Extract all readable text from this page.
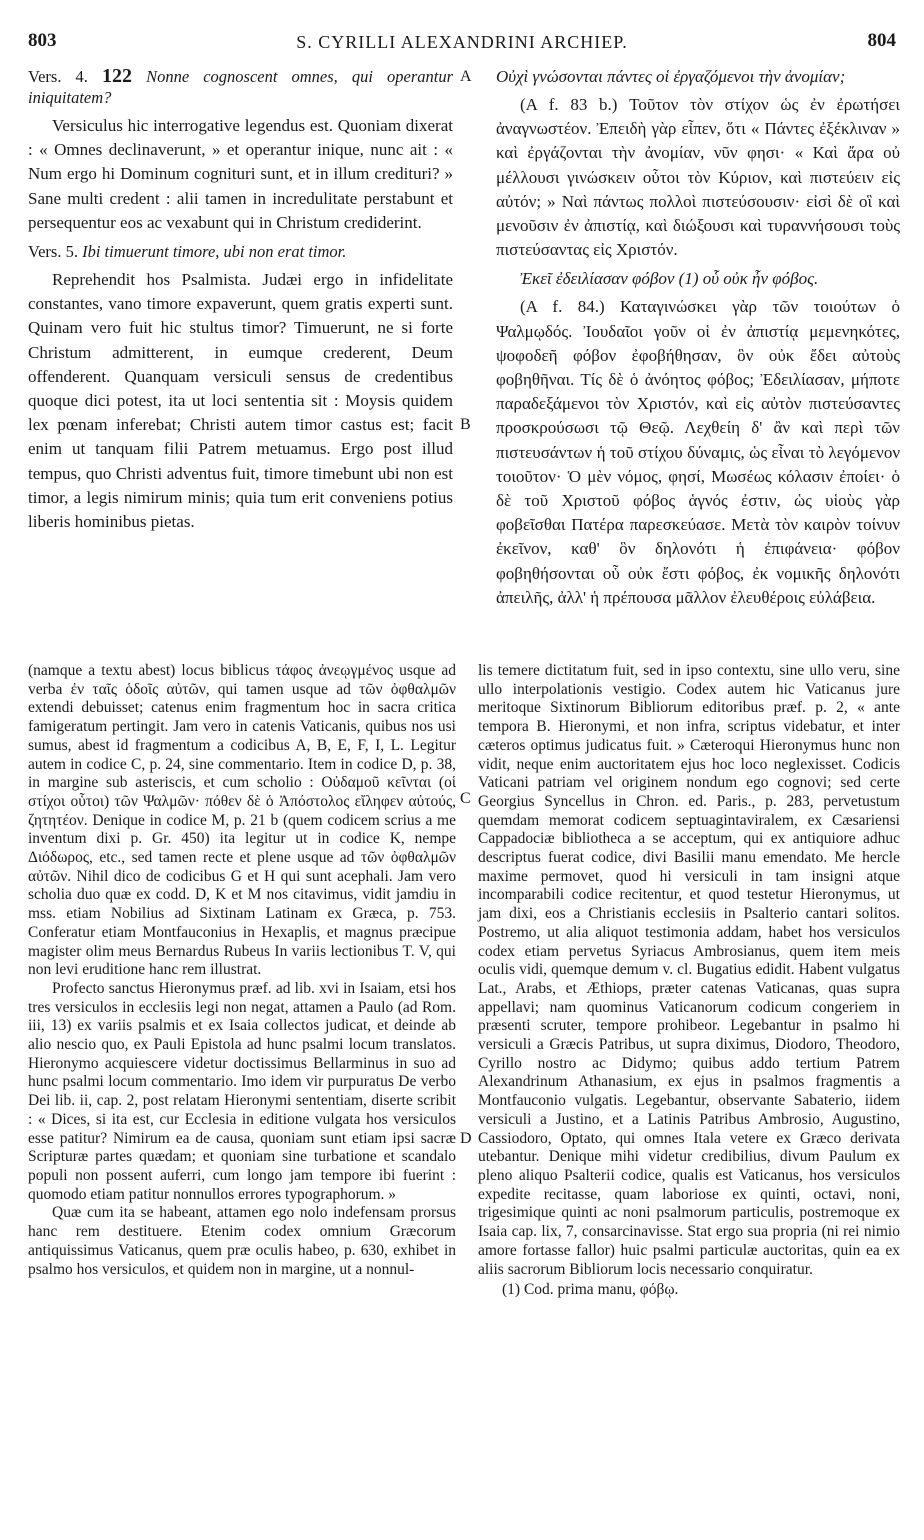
803	S. CYRILLI ALEXANDRINI ARCHIEP.	804

Vers. 4. 122 Nonne cognoscent omnes, qui operantur iniquitatem?

Versiculus hic interrogative legendus est. Quoniam dixerat : « Omnes declinaverunt, » et operantur inique, nunc ait : « Num ergo hi Dominum cognituri sunt, et in illum credituri? » Sane multi credent : alii tamen in incredulitate perstabunt et persequentur eos ac vexabunt qui in Christum crediderint.

Vers. 5. Ibi timuerunt timore, ubi non erat timor.

Reprehendit hos Psalmista. Judæi ergo in infidelitate constantes, vano timore expaverunt, quem gratis experti sunt. Quinam vero fuit hic stultus timor? Timuerunt, ne si forte Christum admitterent, in eumque crederent, Deum offenderent. Quanquam versiculi sensus de credentibus quoque dici potest, ita ut loci sententia sit : Moysis quidem lex pœnam inferebat; Christi autem timor castus est; facit enim ut tanquam filii Patrem metuamus. Ergo post illud tempus, quo Christi adventus fuit, timore timebunt ubi non est timor, a legis nimirum minis; quia tum erit conveniens potius liberis hominibus pietas.

Οὐχὶ γνώσονται πάντες οἱ ἐργαζόμενοι τὴν ἀνομίαν;

(A f. 83 b.) Τοῦτον τὸν στίχον ὡς ἐν ἐρωτήσει ἀναγνωστέον. Ἐπειδὴ γὰρ εἶπεν, ὅτι « Πάντες ἐξέκλιναν » καὶ ἐργάζονται τὴν ἀνομίαν, νῦν φησι· « Καὶ ἄρα οὐ μέλλουσι γινώσκειν οὗτοι τὸν Κύριον, καὶ πιστεύειν εἰς αὐτόν; » Ναὶ πάντως πολλοὶ πιστεύσουσιν· εἰσὶ δὲ οἳ καὶ μενοῦσιν ἐν ἀπιστίᾳ, καὶ διώξουσι καὶ τυραννήσουσι τοὺς πιστεύσαντας εἰς Χριστόν.

Ἐκεῖ ἐδειλίασαν φόβον (1) οὗ οὐκ ἦν φόβος.

(A f. 84.) Καταγινώσκει γὰρ τῶν τοιούτων ὁ Ψαλμῳδός. Ἰουδαῖοι γοῦν οἱ ἐν ἀπιστίᾳ μεμενηκότες, ψοφοδεῆ φόβον ἐφοβήθησαν, ὃν οὐκ ἔδει αὐτοὺς φοβηθῆναι. Τίς δὲ ὁ ἀνόητος φόβος; Ἐδειλίασαν, μήποτε παραδεξάμενοι τὸν Χριστόν, καὶ εἰς αὐτὸν πιστεύσαντες προσκρούσωσι τῷ Θεῷ. Λεχθείη δ' ἂν καὶ περὶ τῶν πιστευσάντων ἡ τοῦ στίχου δύναμις, ὡς εἶναι τὸ λεγόμενον τοιοῦτον· Ὁ μὲν νόμος, φησί, Μωσέως κόλασιν ἐποίει· ὁ δὲ τοῦ Χριστοῦ φόβος ἁγνός ἐστιν, ὡς υἱοὺς γὰρ φοβεῖσθαι Πατέρα παρεσκεύασε. Μετὰ τὸν καιρὸν τοίνυν ἐκεῖνον, καθ' ὃν δηλονότι ἡ ἐπιφάνεια· φόβον φοβηθήσονται οὗ οὐκ ἔστι φόβος, ἐκ νομικῆς δηλονότι ἀπειλῆς, ἀλλ' ἡ πρέπουσα μᾶλλον ἐλευθέροις εὐλάβεια.

A
B
C
D

(namque a textu abest) locus biblicus τάφος ἀνεῳγμένος usque ad verba ἐν ταῖς ὁδοῖς αὐτῶν, qui tamen usque ad τῶν ὀφθαλμῶν extendi debuisset; catenus enim fragmentum hoc in sacra critica famigeratum pertingit. Jam vero in catenis Vaticanis, quibus nos usi sumus, abest id fragmentum a codicibus A, B, E, F, I, L. Legitur autem in codice C, p. 24, sine commentario. Item in codice D, p. 38, in margine sub asteriscis, et cum scholio : Οὐδαμοῦ κεῖνται (οἱ στίχοι οὗτοι) τῶν Ψαλμῶν· πόθεν δὲ ὁ Ἀπόστολος εἴληφεν αὐτούς, ζητητέον. Denique in codice M, p. 21 b (quem codicem scrius a me inventum dixi p. Gr. 450) ita legitur ut in codice K, nempe Διόδωρος, etc., sed tamen recte et plene usque ad τῶν ὀφθαλμῶν αὐτῶν. Nihil dico de codicibus G et H qui sunt acephali. Jam vero scholia duo quæ ex codd. D, K et M nos citavimus, vidit jamdiu in mss. etiam Nobilius ad Sixtinam Latinam ex Græca, p. 753. Conferatur etiam Montfauconius in Hexaplis, et magnus præcipue magister olim meus Bernardus Rubeus In variis lectionibus T. V, qui non levi eruditione hanc rem illustrat.

Profecto sanctus Hieronymus præf. ad lib. xvi in Isaiam, etsi hos tres versiculos in ecclesiis legi non negat, attamen a Paulo (ad Rom. iii, 13) ex variis psalmis et ex Isaia collectos judicat, et deinde ab alio nescio quo, ex Pauli Epistola ad hunc psalmi locum translatos. Hieronymo acquiescere videtur doctissimus Bellarminus in suo ad hunc psalmi locum commentario. Imo idem vir purpuratus De verbo Dei lib. ii, cap. 2, post relatam Hieronymi sententiam, diserte scribit : « Dices, si ita est, cur Ecclesia in editione vulgata hos versiculos esse patitur? Nimirum ea de causa, quoniam sunt etiam ipsi sacræ Scripturæ partes quædam; et quoniam sine turbatione et scandalo populi non possent auferri, cum longo jam tempore ibi fuerint : quomodo etiam patitur nonnullos errores typographorum. »

Quæ cum ita se habeant, attamen ego nolo indefensam prorsus hanc rem destituere. Etenim codex omnium Græcorum antiquissimus Vaticanus, quem præ oculis habeo, p. 630, exhibet in psalmo hos versiculos, et quidem non in margine, ut a nonnul-

lis temere dictitatum fuit, sed in ipso contextu, sine ullo veru, sine ullo interpolationis vestigio. Codex autem hic Vaticanus jure meritoque Sixtinorum Bibliorum editoribus præf. p. 2, « ante tempora B. Hieronymi, et non infra, scriptus videbatur, et inter cæteros optimus judicatus fuit. » Cæteroqui Hieronymus hunc non vidit, neque enim auctoritatem ejus hoc loco neglexisset. Codicis Vaticani patriam vel originem nondum ego cognovi; sed certe Georgius Syncellus in Chron. ed. Paris., p. 283, pervetustum quemdam memorat codicem septuagintaviralem, ex Cæsariensi Cappadociæ bibliotheca a se acceptum, qui ex antiquiore adhuc descriptus fuerat codice, divi Basilii manu emendato. Me hercle maxime permovet, quod hi versiculi in tam insigni atque incomparabili codice recitentur, et quod testetur Hieronymus, ut jam dixi, eos a Christianis ecclesiis in Psalterio cantari solitos. Postremo, ut alia aliquot testimonia addam, habet hos versiculos codex etiam pervetus Syriacus Ambrosianus, quem item meis oculis vidi, quemque demum v. cl. Bugatius edidit. Habent vulgatus Lat., Arabs, et Æthiops, præter catenas Vaticanas, quas supra appellavi; nam quominus Vaticanorum codicum congeriem in præsenti scruter, tempore prohibeor. Legebantur in psalmo hi versiculi a Græcis Patribus, ut supra diximus, Diodoro, Theodoro, Cyrillo nostro ac Didymo; quibus addo tertium Patrem Alexandrinum Athanasium, ex ejus in psalmos fragmentis a Montfauconio vulgatis. Legebantur, observante Sabaterio, iidem versiculi a Justino, et a Latinis Patribus Ambrosio, Augustino, Cassiodoro, Optato, qui omnes Itala vetere ex Græco derivata utebantur. Denique mihi videtur credibilius, divum Paulum ex pleno aliquo Psalterii codice, qualis est Vaticanus, hos versiculos expedite recitasse, quam laboriose ex quinti, octavi, noni, trigesimique quinti ac noni psalmorum particulis, postremoque ex Isaia cap. lix, 7, consarcinavisse. Stat ergo sua propria (ni rei nimio amore fortasse fallor) huic psalmi particulæ auctoritas, quin ea ex aliis sacrorum Bibliorum locis necessario conquiratur.

(1) Cod. prima manu, φόβῳ.
